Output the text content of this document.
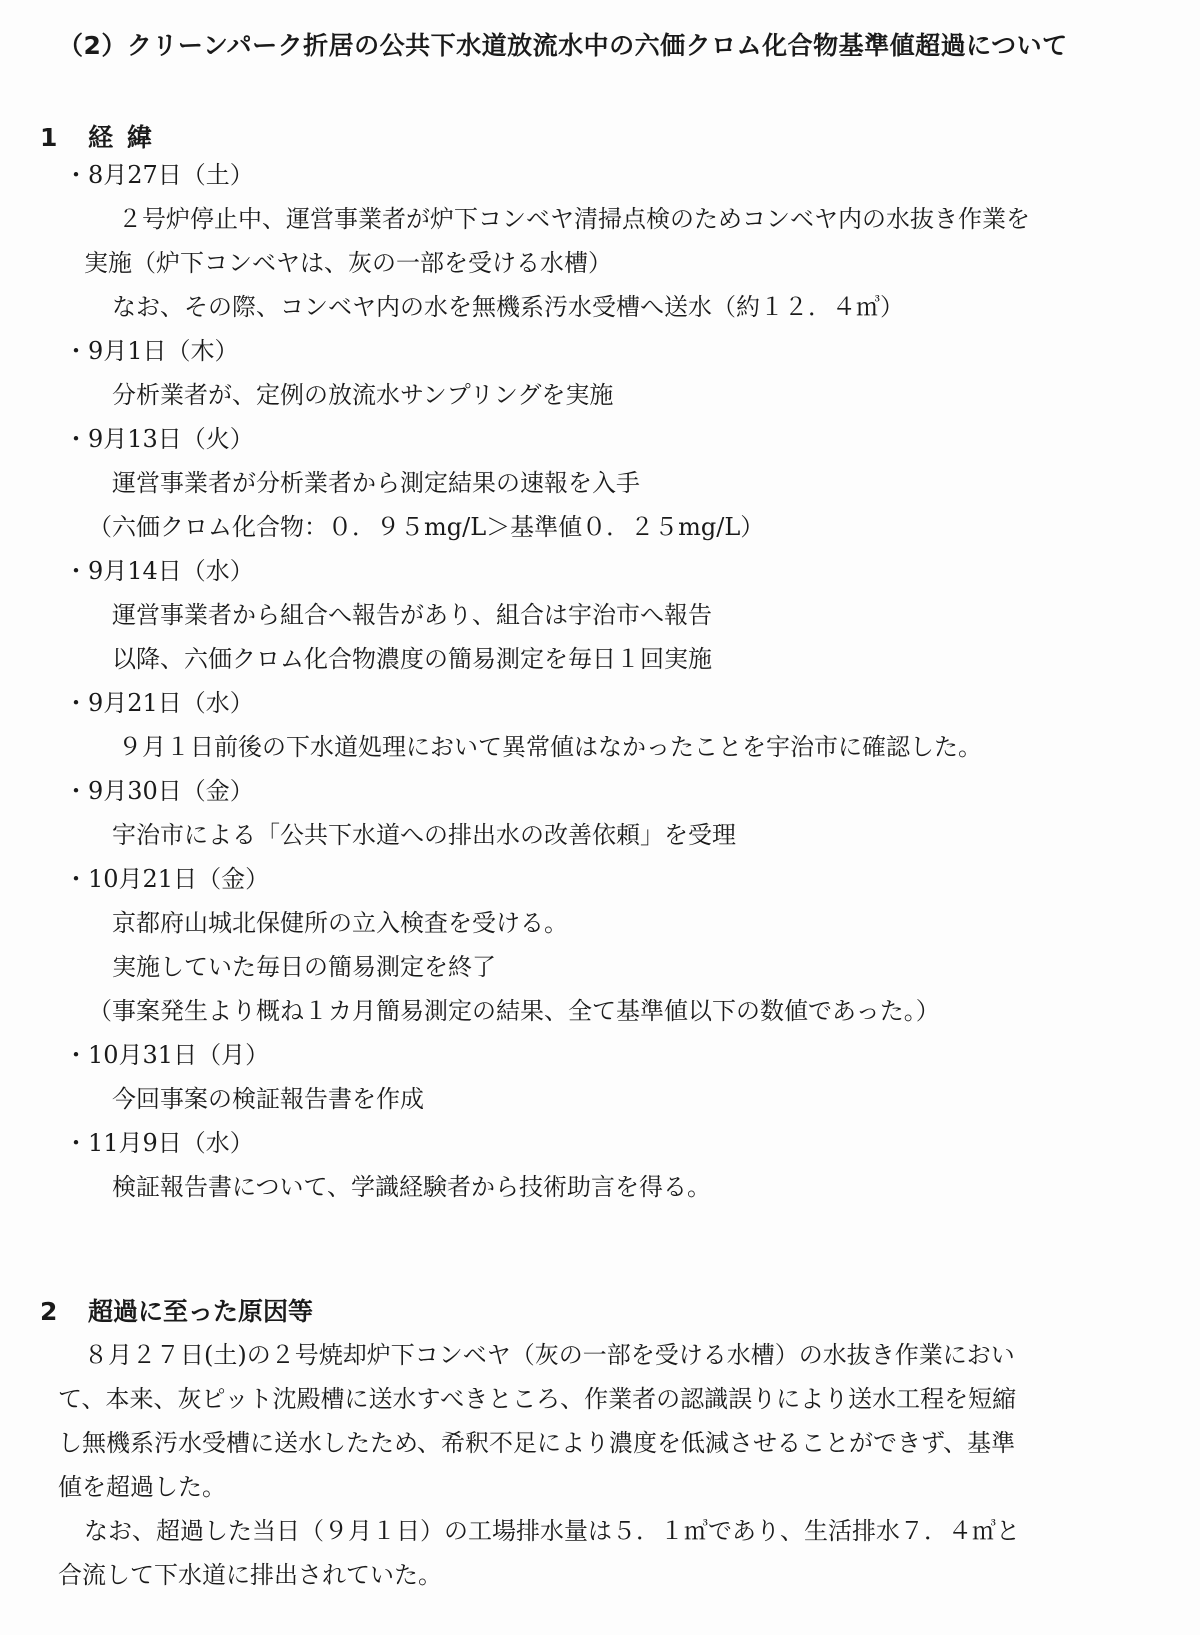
（2）クリーンパーク折居の公共下水道放流水中の六価クロム化合物基準値超過について
1 経緯
・8月27日（土）
２号炉停止中、運営事業者が炉下コンベヤ清掃点検のためコンベヤ内の水抜き作業を
実施（炉下コンベヤは、灰の一部を受ける水槽）
なお、その際、コンベヤ内の水を無機系汚水受槽へ送水（約１２．４㎥）
・9月1日（木）
分析業者が、定例の放流水サンプリングを実施
・9月13日（火）
運営事業者が分析業者から測定結果の速報を入手
（六価クロム化合物：０．９５mg/L＞基準値０．２５mg/L）
・9月14日（水）
運営事業者から組合へ報告があり、組合は宇治市へ報告
以降、六価クロム化合物濃度の簡易測定を毎日１回実施
・9月21日（水）
９月１日前後の下水道処理において異常値はなかったことを宇治市に確認した。
・9月30日（金）
宇治市による「公共下水道への排出水の改善依頼」を受理
・10月21日（金）
京都府山城北保健所の立入検査を受ける。
実施していた毎日の簡易測定を終了
（事案発生より概ね１カ月簡易測定の結果、全て基準値以下の数値であった。）
・10月31日（月）
今回事案の検証報告書を作成
・11月9日（水）
検証報告書について、学識経験者から技術助言を得る。
2 超過に至った原因等
８月２７日(土)の２号焼却炉下コンベヤ（灰の一部を受ける水槽）の水抜き作業におい
て、本来、灰ピット沈殿槽に送水すべきところ、作業者の認識誤りにより送水工程を短縮
し無機系汚水受槽に送水したため、希釈不足により濃度を低減させることができず、基準
値を超過した。
なお、超過した当日（９月１日）の工場排水量は５．１㎥であり、生活排水７．４㎥と
合流して下水道に排出されていた。
